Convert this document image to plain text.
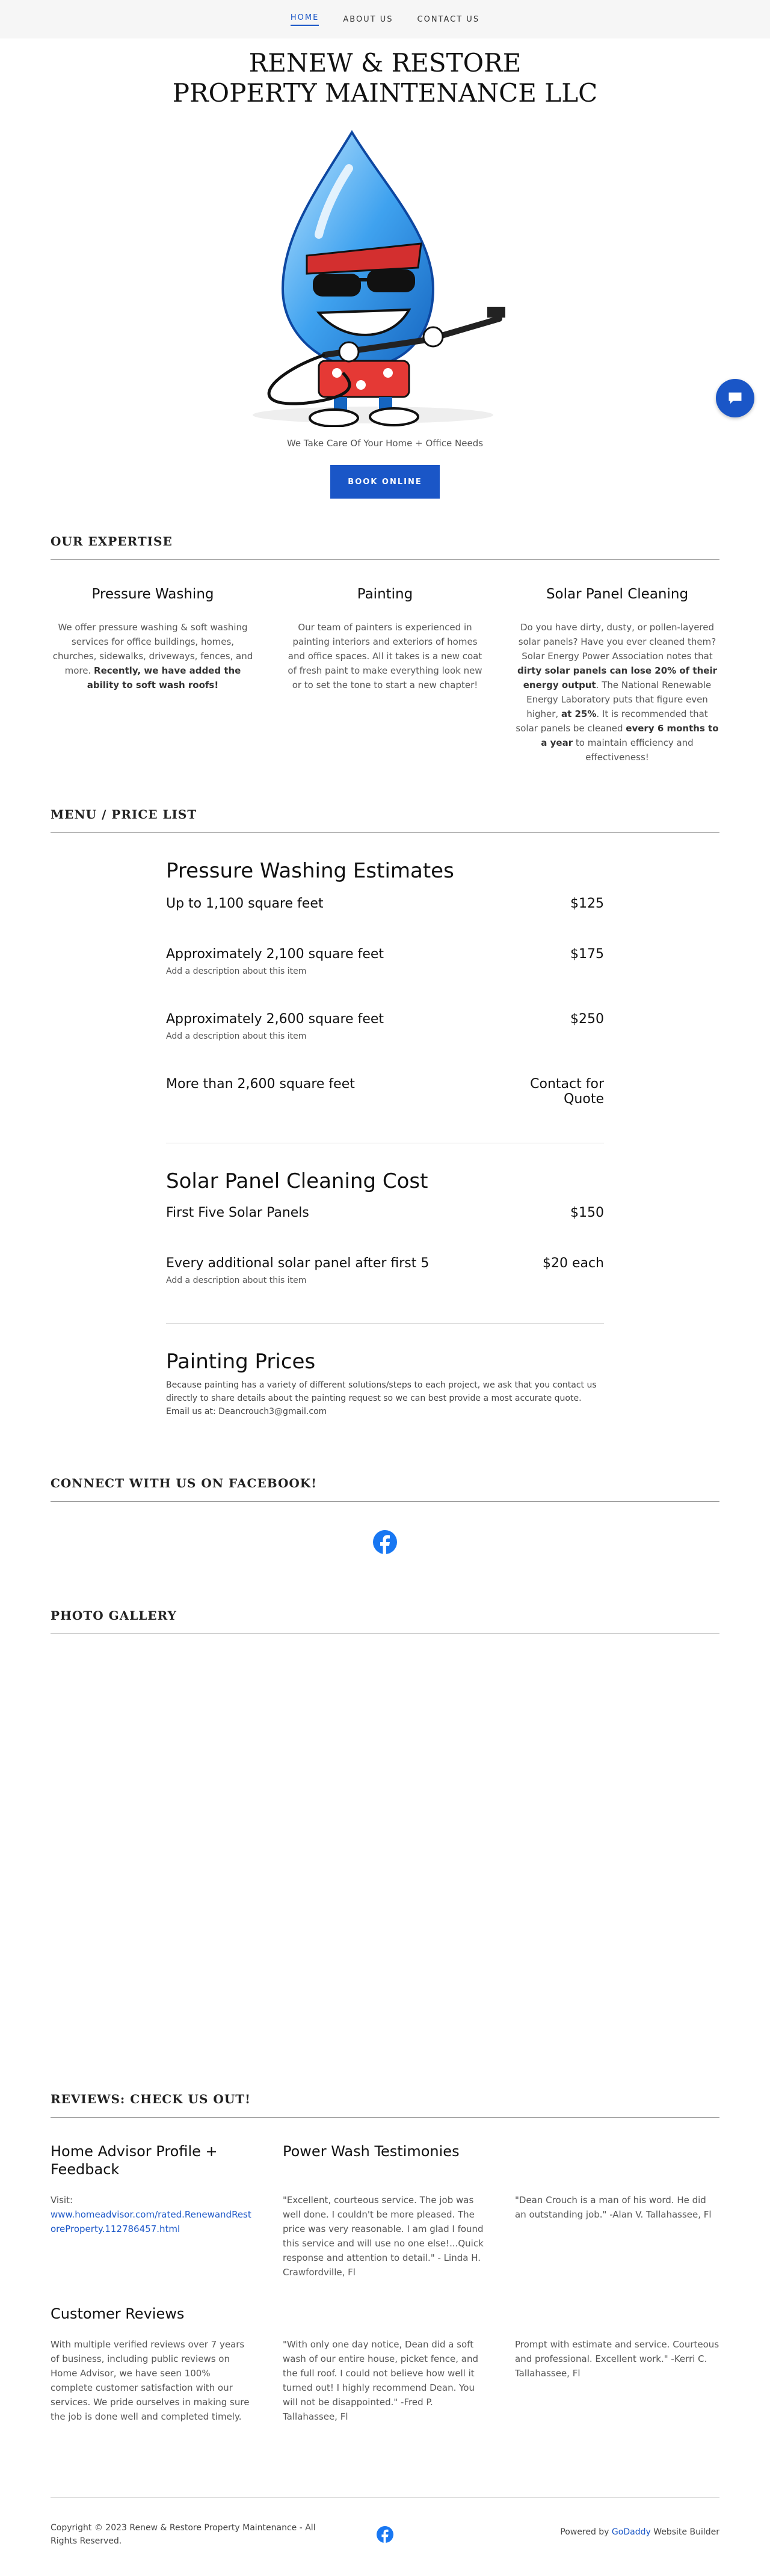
HOME	ABOUT US	CONTACT US
RENEW & RESTORE
PROPERTY MAINTENANCE LLC

We Take Care Of Your Home + Office Needs

BOOK ONLINE
OUR EXPERTISE
Pressure Washing

We offer pressure washing & soft washing services for office buildings, homes, churches, sidewalks, driveways, fences, and more. Recently, we have added the ability to soft wash roofs!

Painting

Our team of painters is experienced in painting interiors and exteriors of homes and office spaces. All it takes is a new coat of fresh paint to make everything look new or to set the tone to start a new chapter!

Solar Panel Cleaning

Do you have dirty, dusty, or pollen-layered solar panels? Have you ever cleaned them? Solar Energy Power Association notes that dirty solar panels can lose 20% of their energy output. The National Renewable Energy Laboratory puts that figure even higher, at 25%. It is recommended that solar panels be cleaned every 6 months to a year to maintain efficiency and effectiveness!

MENU / PRICE LIST
Pressure Washing Estimates
Up to 1,100 square feet	$125
Approximately 2,100 square feet	$175
Add a description about this item
Approximately 2,600 square feet	$250
Add a description about this item
More than 2,600 square feet	Contact for Quote
Solar Panel Cleaning Cost
First Five Solar Panels	$150
Every additional solar panel after first 5	$20 each
Add a description about this item
Painting Prices

Because painting has a variety of different solutions/steps to each project, we ask that you contact us directly to share details about the painting request so we can best provide a most accurate quote.

Email us at: Deancrouch3@gmail.com

CONNECT WITH US ON FACEBOOK!
PHOTO GALLERY
REVIEWS: CHECK US OUT!
Home Advisor Profile + Feedback

Visit:
www.homeadvisor.com/rated.RenewandRestoreProperty.112786457.html

Power Wash Testimonies

"Excellent, courteous service. The job was well done. I couldn't be more pleased. The price was very reasonable. I am glad I found this service and will use no one else!...Quick response and attention to detail." - Linda H. Crawfordville, Fl

"Dean Crouch is a man of his word. He did an outstanding job." -Alan V. Tallahassee, Fl

Customer Reviews

With multiple verified reviews over 7 years of business, including public reviews on Home Advisor, we have seen 100% complete customer satisfaction with our services. We pride ourselves in making sure the job is done well and completed timely.

"With only one day notice, Dean did a soft wash of our entire house, picket fence, and the full roof. I could not believe how well it turned out! I highly recommend Dean. You will not be disappointed." -Fred P. Tallahassee, Fl

Prompt with estimate and service. Courteous and professional. Excellent work." -Kerri C. Tallahassee, Fl

Copyright © 2023 Renew & Restore Property Maintenance - All Rights Reserved.

Powered by GoDaddy Website Builder
